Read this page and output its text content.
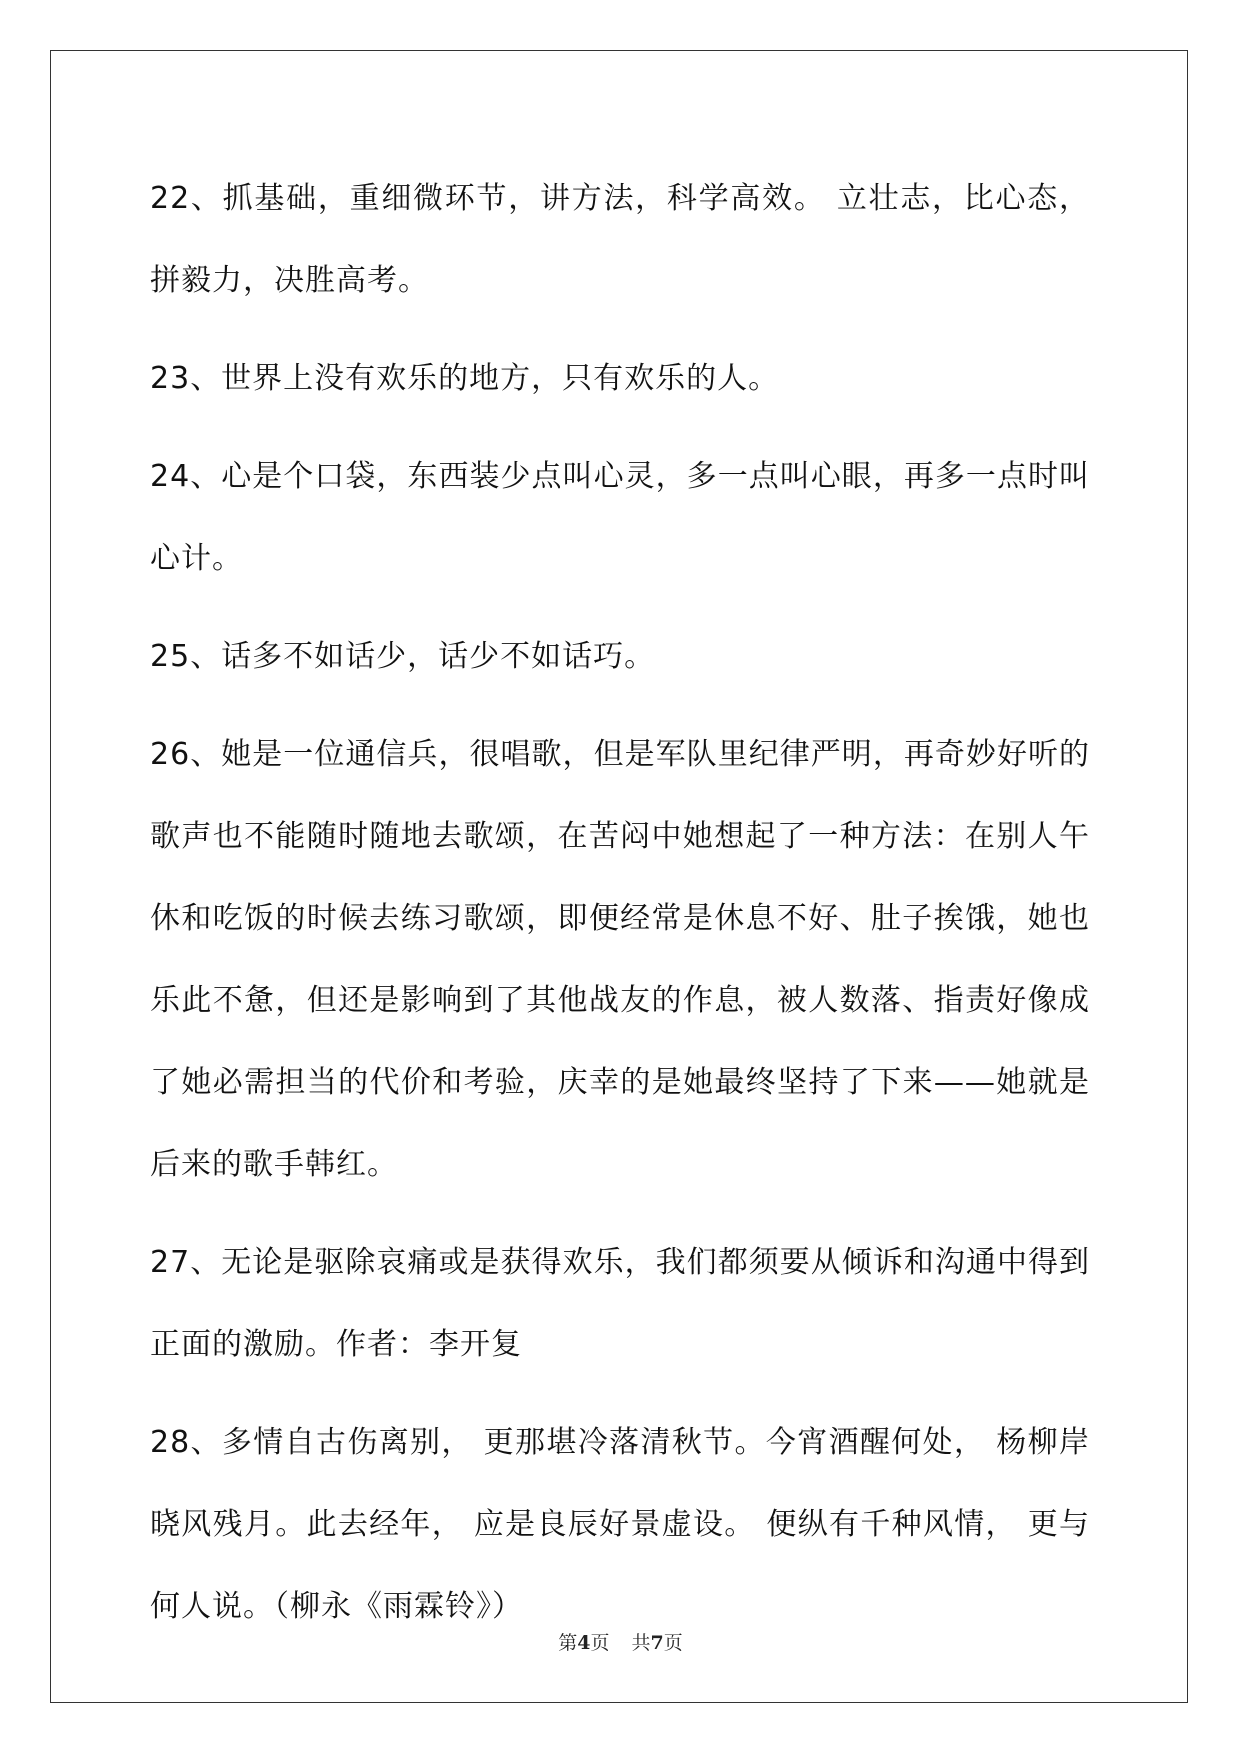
22、抓基础，重细微环节，讲方法，科学高效。 立壮志，比心态，拼毅力，决胜高考。

23、世界上没有欢乐的地方，只有欢乐的人。

24、心是个口袋，东西装少点叫心灵，多一点叫心眼，再多一点时叫心计。

25、话多不如话少，话少不如话巧。

26、她是一位通信兵，很唱歌，但是军队里纪律严明，再奇妙好听的歌声也不能随时随地去歌颂，在苦闷中她想起了一种方法：在别人午休和吃饭的时候去练习歌颂，即便经常是休息不好、肚子挨饿，她也乐此不惫，但还是影响到了其他战友的作息，被人数落、指责好像成了她必需担当的代价和考验，庆幸的是她最终坚持了下来——她就是后来的歌手韩红。

27、无论是驱除哀痛或是获得欢乐，我们都须要从倾诉和沟通中得到正面的激励。作者：李开复

28、多情自古伤离别， 更那堪冷落清秋节。今宵酒醒何处， 杨柳岸晓风残月。此去经年， 应是良辰好景虚设。 便纵有千种风情， 更与何人说。（柳永《雨霖铃》）

第4页 共7页
